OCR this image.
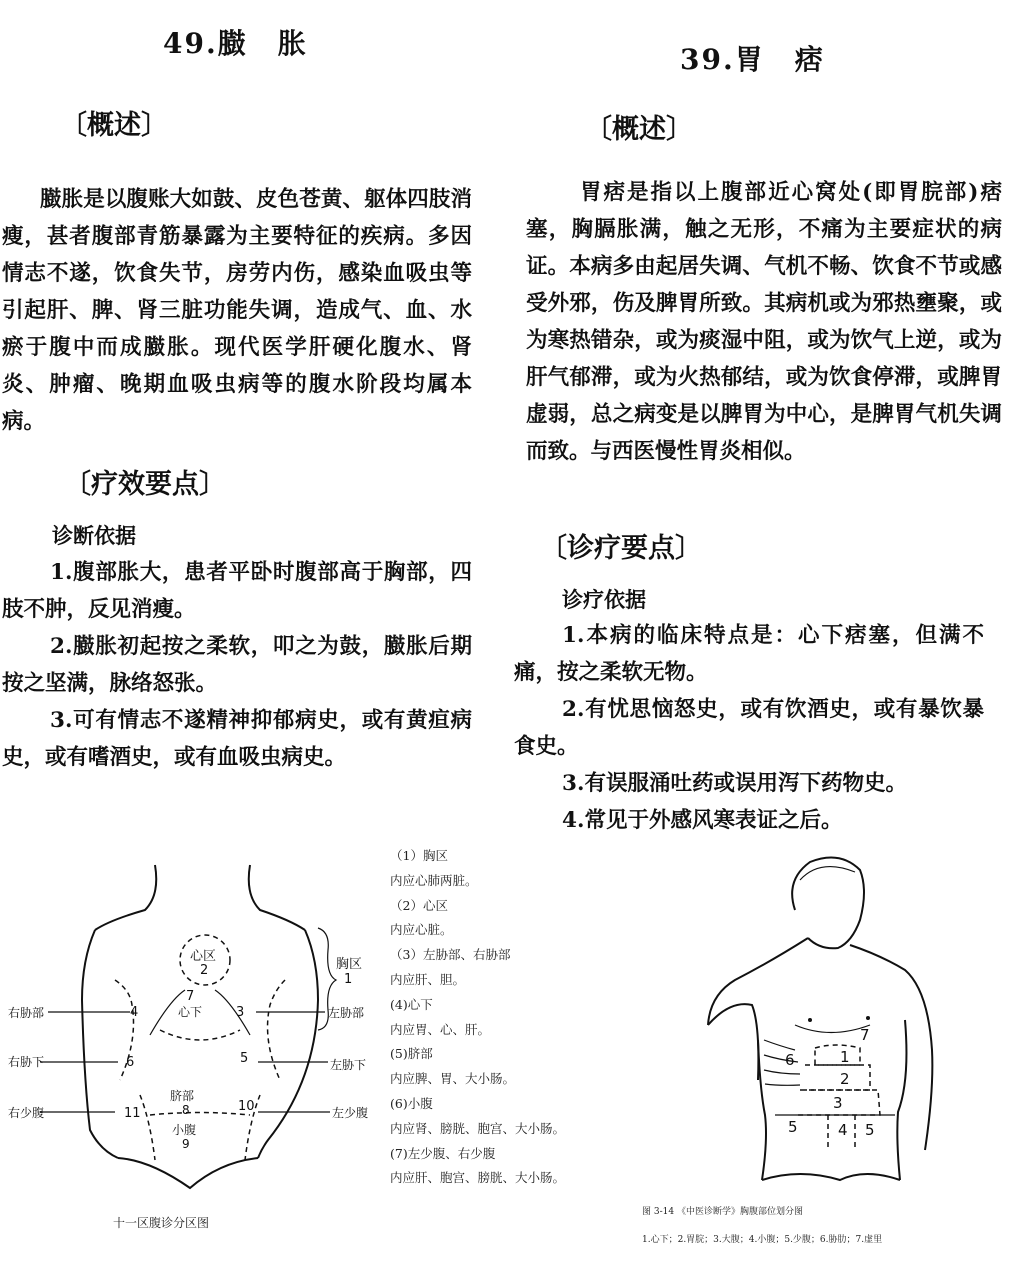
49.臌　胀
〔概述〕
臌胀是以腹账大如鼓、皮色苍黄、躯体四肢消瘦，甚者腹部青筋暴露为主要特征的疾病。多因情志不遂，饮食失节，房劳内伤，感染血吸虫等引起肝、脾、肾三脏功能失调，造成气、血、水瘀于腹中而成臌胀。现代医学肝硬化腹水、肾炎、肿瘤、晚期血吸虫病等的腹水阶段均属本病。
〔疗效要点〕
诊断依据

1.腹部胀大，患者平卧时腹部高于胸部，四肢不肿，反见消瘦。

2.臌胀初起按之柔软，叩之为鼓，臌胀后期按之坚满，脉络怒张。

3.可有情志不遂精神抑郁病史，或有黄疸病史，或有嗜酒史，或有血吸虫病史。

39.胃　痞
〔概述〕
胃痞是指以上腹部近心窝处(即胃脘部)痞塞，胸膈胀满，触之无形，不痛为主要症状的病证。本病多由起居失调、气机不畅、饮食不节或感受外邪，伤及脾胃所致。其病机或为邪热壅聚，或为寒热错杂，或为痰湿中阻，或为饮气上逆，或为肝气郁滞，或为火热郁结，或为饮食停滞，或脾胃虚弱，总之病变是以脾胃为中心，是脾胃气机失调而致。与西医慢性胃炎相似。
〔诊疗要点〕
诊疗依据

1.本病的临床特点是：心下痞塞，但满不痛，按之柔软无物。

2.有忧思恼怒史，或有饮酒史，或有暴饮暴食史。

3.有误服涌吐药或误用泻下药物史。

4.常见于外感风寒表证之后。

心区
2	胸区
1
7
心下
右胁部	左胁部
右胁下	左胁下
右少腹	左少腹
脐部
8
小腹
9
4	3
6	5
11	10
（1）胸区
内应心肺两脏。
（2）心区
内应心脏。
（3）左胁部、右胁部
内应肝、胆。
(4)心下
内应胃、心、肝。
(5)脐部
内应脾、胃、大小肠。
(6)小腹
内应肾、膀胱、胞宫、大小肠。
(7)左少腹、右少腹
内应肝、胞宫、膀胱、大小肠。
十一区腹诊分区图
1
2
3
4
5	5
6
7
图 3-14 《中医诊断学》胸腹部位划分图
1.心下；2.胃脘；3.大腹；4.小腹；5.少腹；6.胁肋；7.虚里
